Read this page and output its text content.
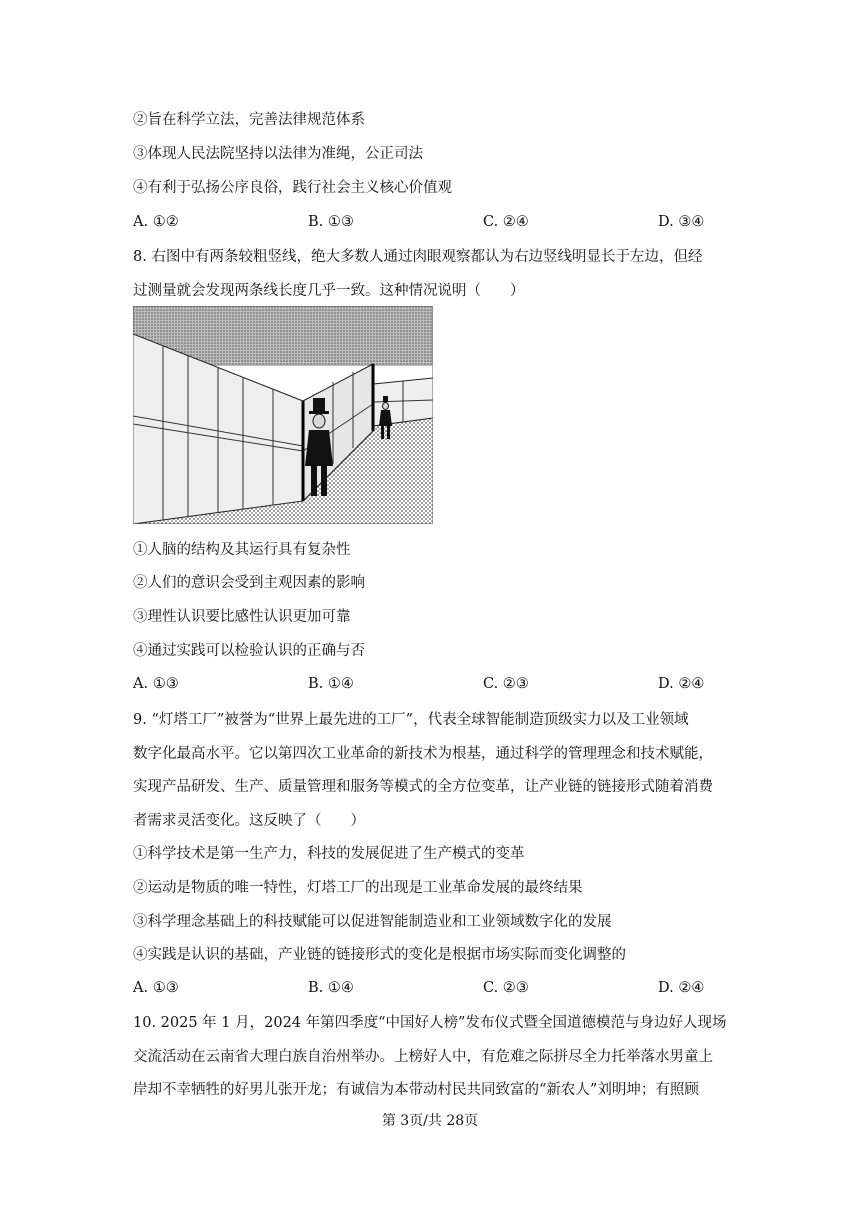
②旨在科学立法，完善法律规范体系
③体现人民法院坚持以法律为准绳，公正司法
④有利于弘扬公序良俗，践行社会主义核心价值观
A. ①②	B. ①③	C. ②④	D. ③④
8. 右图中有两条较粗竖线，绝大多数人通过肉眼观察都认为右边竖线明显长于左边，但经
过测量就会发现两条线长度几乎一致。这种情况说明（　　）
①人脑的结构及其运行具有复杂性
②人们的意识会受到主观因素的影响
③理性认识要比感性认识更加可靠
④通过实践可以检验认识的正确与否
A. ①③	B. ①④	C. ②③	D. ②④
9. “灯塔工厂”被誉为“世界上最先进的工厂”，代表全球智能制造顶级实力以及工业领域
数字化最高水平。它以第四次工业革命的新技术为根基，通过科学的管理理念和技术赋能，
实现产品研发、生产、质量管理和服务等模式的全方位变革，让产业链的链接形式随着消费
者需求灵活变化。这反映了（　　）
①科学技术是第一生产力，科技的发展促进了生产模式的变革
②运动是物质的唯一特性，灯塔工厂的出现是工业革命发展的最终结果
③科学理念基础上的科技赋能可以促进智能制造业和工业领域数字化的发展
④实践是认识的基础，产业链的链接形式的变化是根据市场实际而变化调整的
A. ①③	B. ①④	C. ②③	D. ②④
10. 2025 年 1 月，2024 年第四季度“中国好人榜”发布仪式暨全国道德模范与身边好人现场
交流活动在云南省大理白族自治州举办。上榜好人中，有危难之际拼尽全力托举落水男童上
岸却不幸牺牲的好男儿张开龙；有诚信为本带动村民共同致富的“新农人”刘明坤；有照顾
第 3页/共 28页
